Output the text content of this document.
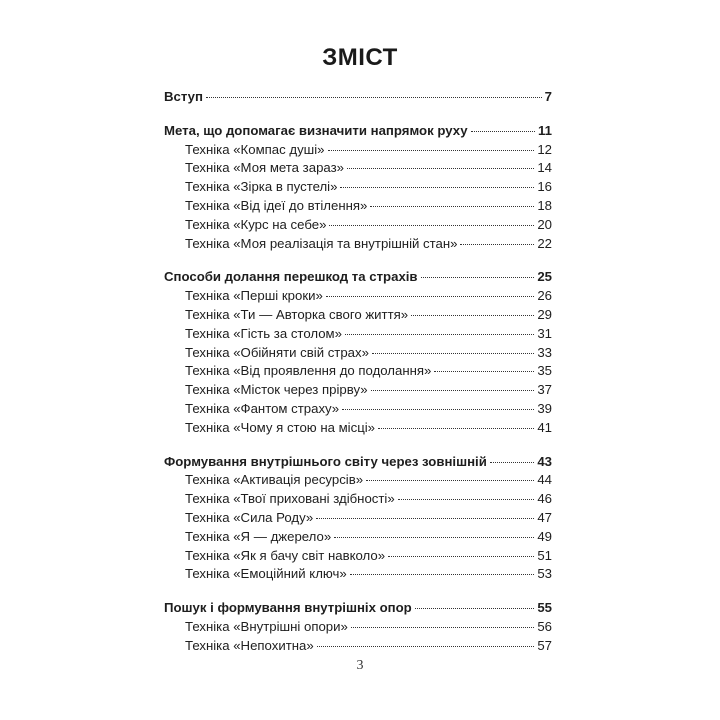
ЗМІСТ
Вступ	7
Мета, що допомагає визначити напрямок руху	11
Техніка «Компас душі»	12
Техніка «Моя мета зараз»	14
Техніка «Зірка в пустелі»	16
Техніка «Від ідеї до втілення»	18
Техніка «Курс на себе»	20
Техніка «Моя реалізація та внутрішній стан»	22
Способи долання перешкод та страхів	25
Техніка «Перші кроки»	26
Техніка «Ти — Авторка свого життя»	29
Техніка «Гість за столом»	31
Техніка «Обійняти свій страх»	33
Техніка «Від проявлення до подолання»	35
Техніка «Місток через прірву»	37
Техніка «Фантом страху»	39
Техніка «Чому я стою на місці»	41
Формування внутрішнього світу через зовнішній	43
Техніка «Активація ресурсів»	44
Техніка «Твої приховані здібності»	46
Техніка «Сила Роду»	47
Техніка «Я — джерело»	49
Техніка «Як я бачу світ навколо»	51
Техніка «Емоційний ключ»	53
Пошук і формування внутрішніх опор	55
Техніка «Внутрішні опори»	56
Техніка «Непохитна»	57
3
